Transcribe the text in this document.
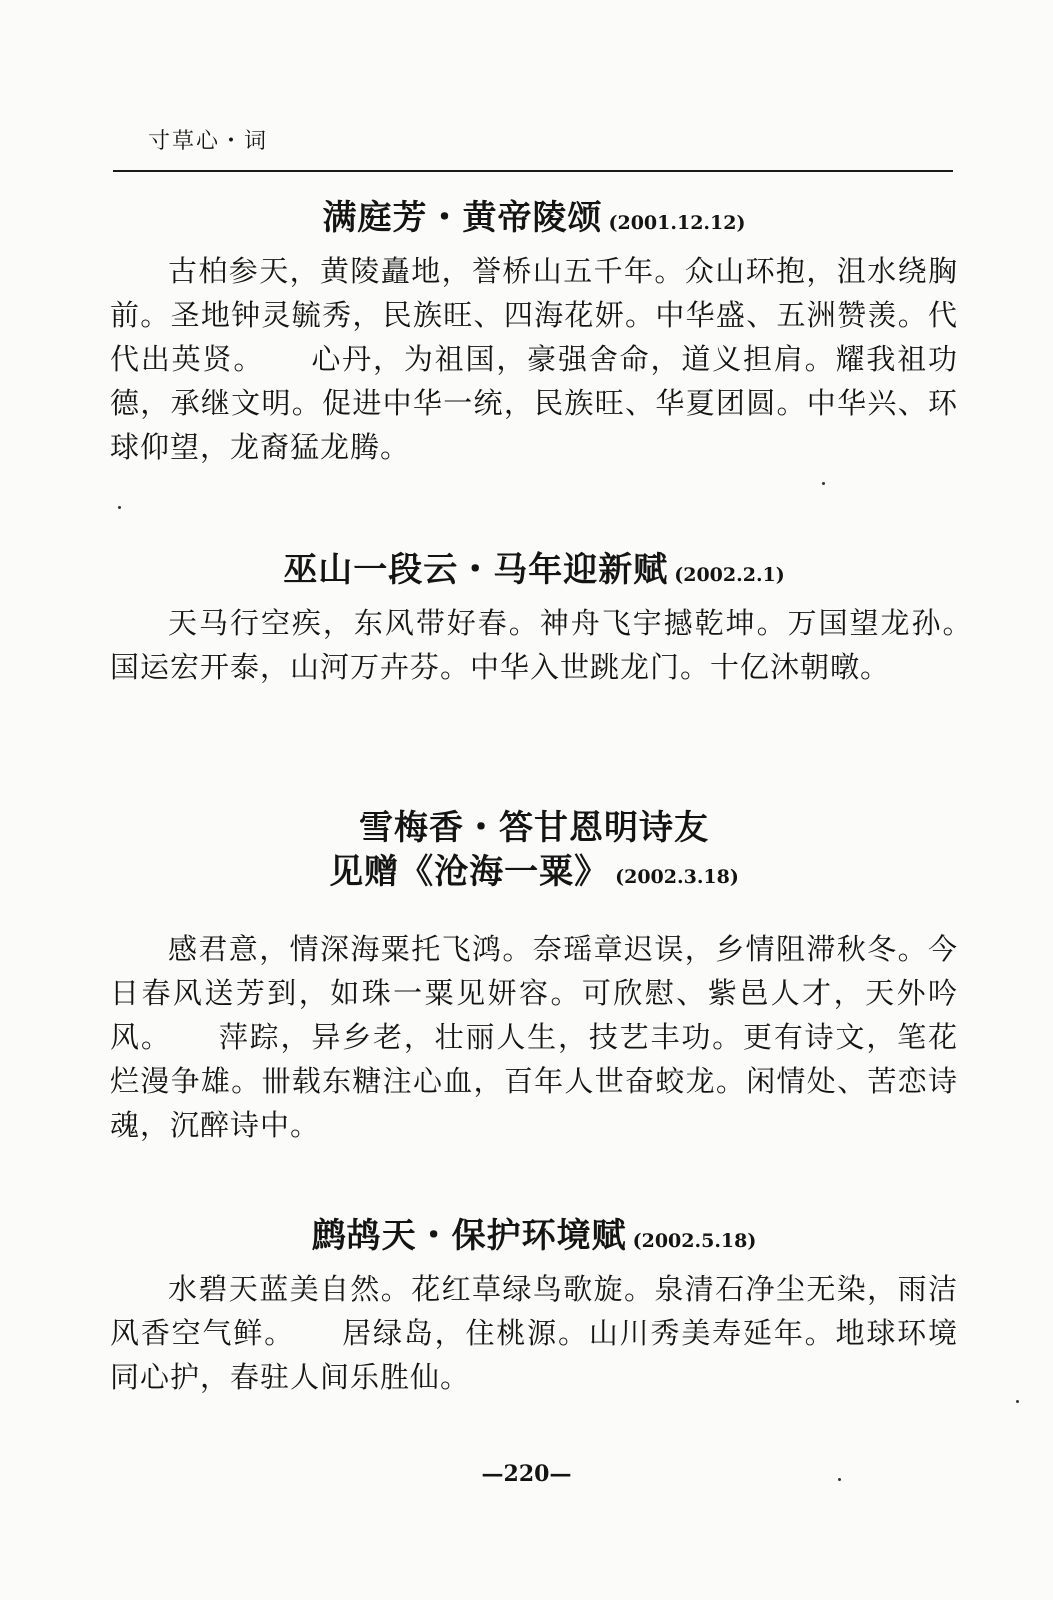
寸草心・词
满庭芳・黄帝陵颂 (2001.12.12)
古柏参天，黄陵矗地，誉桥山五千年。众山环抱，沮水绕胸前。圣地钟灵毓秀，民族旺、四海花妍。中华盛、五洲赞羡。代代出英贤。　　心丹，为祖国，豪强舍命，道义担肩。耀我祖功德，承继文明。促进中华一统，民族旺、华夏团圆。中华兴、环球仰望，龙裔猛龙腾。
巫山一段云・马年迎新赋 (2002.2.1)
天马行空疾，东风带好春。神舟飞宇撼乾坤。万国望龙孙。　　国运宏开泰，山河万卉芬。中华入世跳龙门。十亿沐朝暾。
雪梅香・答甘恩明诗友
见赠《沧海一粟》 (2002.3.18)
感君意，情深海粟托飞鸿。奈瑶章迟误，乡情阻滞秋冬。今日春风送芳到，如珠一粟见妍容。可欣慰、紫邑人才，天外吟风。　　萍踪，异乡老，壮丽人生，技艺丰功。更有诗文，笔花烂漫争雄。卌载东糖注心血，百年人世奋蛟龙。闲情处、苦恋诗魂，沉醉诗中。
鹧鸪天・保护环境赋 (2002.5.18)
水碧天蓝美自然。花红草绿鸟歌旋。泉清石净尘无染，雨洁风香空气鲜。　　居绿岛，住桃源。山川秀美寿延年。地球环境同心护，春驻人间乐胜仙。
—220—
